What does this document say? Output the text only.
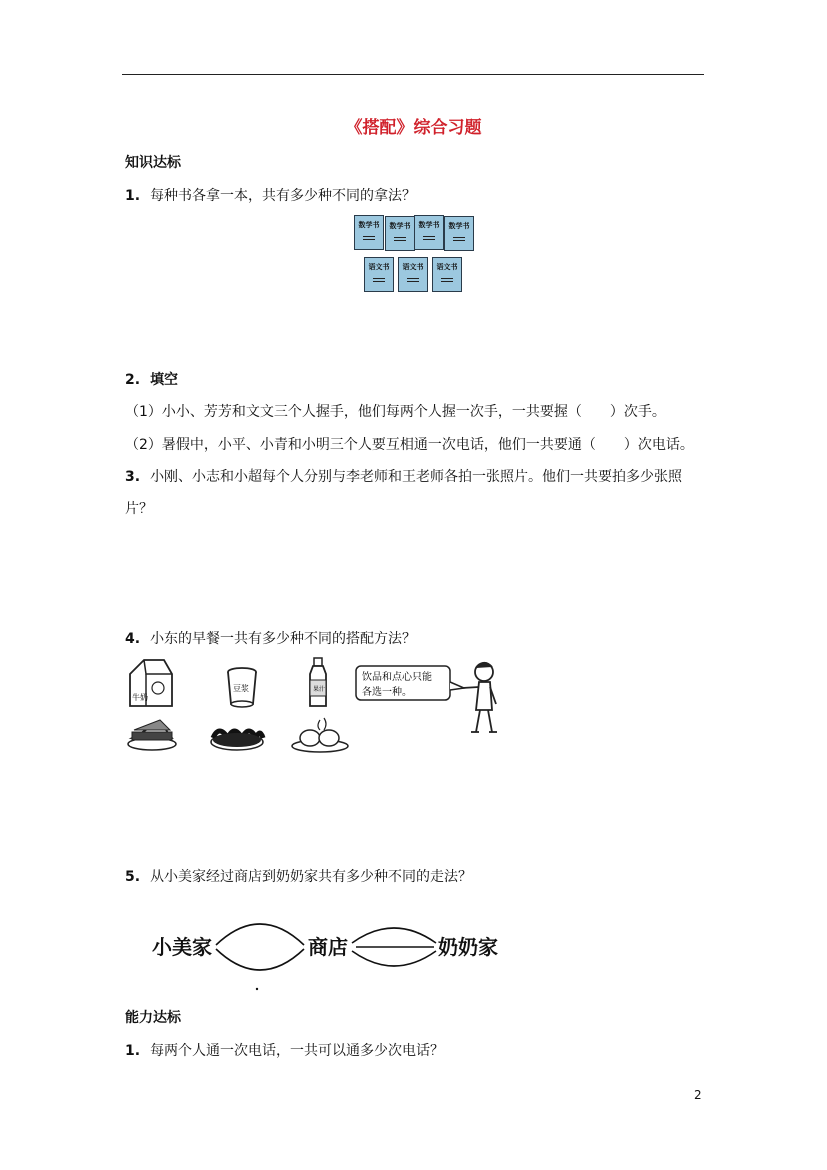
《搭配》综合习题
知识达标
1. 每种书各拿一本，共有多少种不同的拿法？
数学书	数学书	数学书	数学书
语文书	语文书	语文书
2. 填空
（1）小小、芳芳和文文三个人握手，他们每两个人握一次手，一共要握（　　）次手。
（2）暑假中，小平、小青和小明三个人要互相通一次电话，他们一共要通（　　）次电话。
3. 小刚、小志和小超每个人分别与李老师和王老师各拍一张照片。他们一共要拍多少张照
片？
4. 小东的早餐一共有多少种不同的搭配方法？
牛奶
豆浆	果汁
饮品和点心只能
各选一种。
5. 从小美家经过商店到奶奶家共有多少种不同的走法？
小美家	商店	奶奶家
能力达标
1. 每两个人通一次电话，一共可以通多少次电话？
2
